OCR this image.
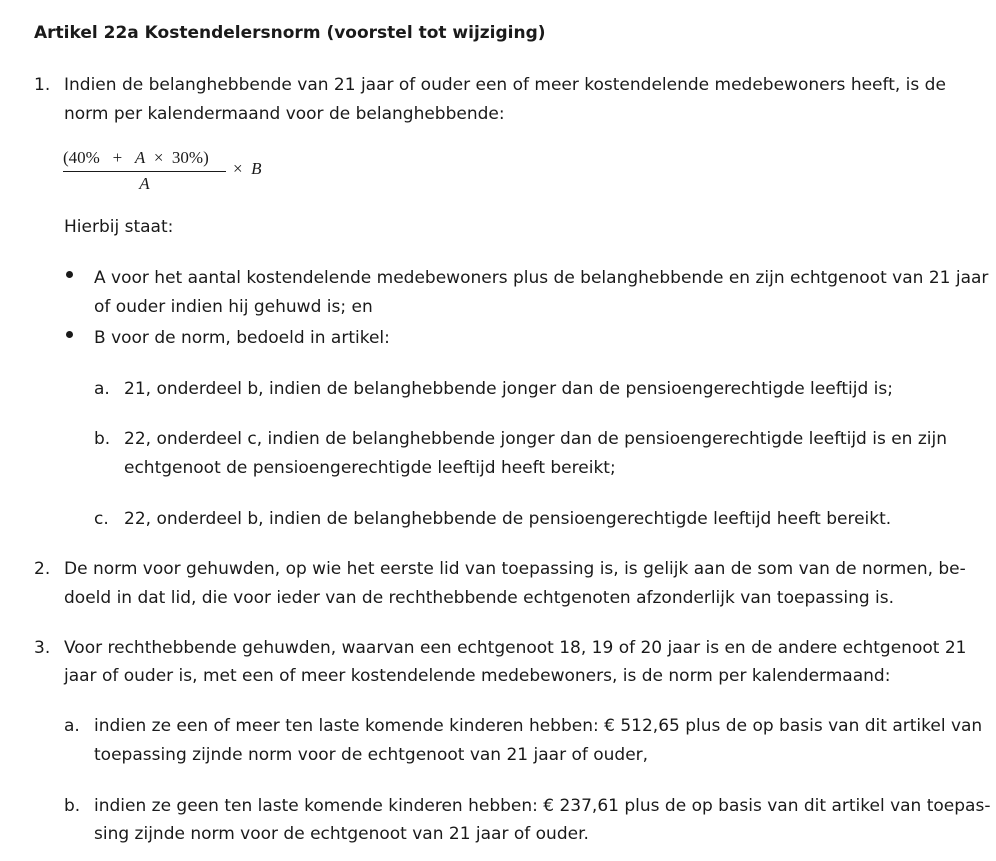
Artikel 22a Kostendelersnorm (voorstel tot wijziging)
1. Indien de belanghebbende van 21 jaar of ouder een of meer kostendelende medebewoners heeft, is de
norm per kalendermaand voor de belanghebbende:
(40% + A × 30%)
A
× B
Hierbij staat:
A voor het aantal kostendelende medebewoners plus de belanghebbende en zijn echtgenoot van 21 jaar
of ouder indien hij gehuwd is; en
B voor de norm, bedoeld in artikel:
a. 21, onderdeel b, indien de belanghebbende jonger dan de pensioengerechtigde leeftijd is;
b. 22, onderdeel c, indien de belanghebbende jonger dan de pensioengerechtigde leeftijd is en zijn
echtgenoot de pensioengerechtigde leeftijd heeft bereikt;
c. 22, onderdeel b, indien de belanghebbende de pensioengerechtigde leeftijd heeft bereikt.
2. De norm voor gehuwden, op wie het eerste lid van toepassing is, is gelijk aan de som van de normen, be-
doeld in dat lid, die voor ieder van de rechthebbende echtgenoten afzonderlijk van toepassing is.
3. Voor rechthebbende gehuwden, waarvan een echtgenoot 18, 19 of 20 jaar is en de andere echtgenoot 21
jaar of ouder is, met een of meer kostendelende medebewoners, is de norm per kalendermaand:
a. indien ze een of meer ten laste komende kinderen hebben: € 512,65 plus de op basis van dit artikel van
toepassing zijnde norm voor de echtgenoot van 21 jaar of ouder,
b. indien ze geen ten laste komende kinderen hebben: € 237,61 plus de op basis van dit artikel van toepas-
sing zijnde norm voor de echtgenoot van 21 jaar of ouder.
